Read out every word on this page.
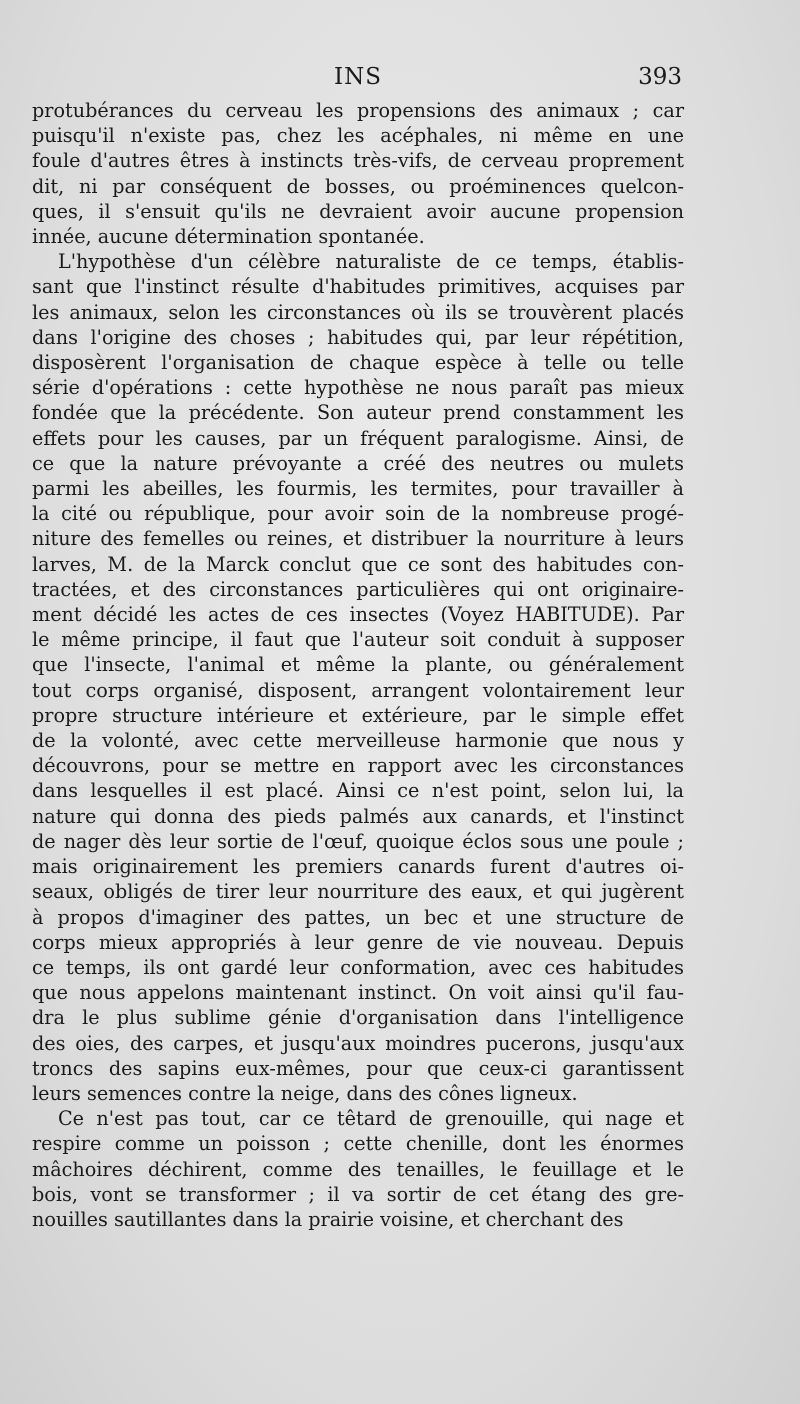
INS	393
protubérances du cerveau les propensions des animaux ; car
puisqu'il n'existe pas, chez les acéphales, ni même en une
foule d'autres êtres à instincts très-vifs, de cerveau proprement
dit, ni par conséquent de bosses, ou proéminences quelcon-
ques, il s'ensuit qu'ils ne devraient avoir aucune propension
innée, aucune détermination spontanée.
L'hypothèse d'un célèbre naturaliste de ce temps, établis-
sant que l'instinct résulte d'habitudes primitives, acquises par
les animaux, selon les circonstances où ils se trouvèrent placés
dans l'origine des choses ; habitudes qui, par leur répétition,
disposèrent l'organisation de chaque espèce à telle ou telle
série d'opérations : cette hypothèse ne nous paraît pas mieux
fondée que la précédente. Son auteur prend constamment les
effets pour les causes, par un fréquent paralogisme. Ainsi, de
ce que la nature prévoyante a créé des neutres ou mulets
parmi les abeilles, les fourmis, les termites, pour travailler à
la cité ou république, pour avoir soin de la nombreuse progé-
niture des femelles ou reines, et distribuer la nourriture à leurs
larves, M. de la Marck conclut que ce sont des habitudes con-
tractées, et des circonstances particulières qui ont originaire-
ment décidé les actes de ces insectes (Voyez HABITUDE). Par
le même principe, il faut que l'auteur soit conduit à supposer
que l'insecte, l'animal et même la plante, ou généralement
tout corps organisé, disposent, arrangent volontairement leur
propre structure intérieure et extérieure, par le simple effet
de la volonté, avec cette merveilleuse harmonie que nous y
découvrons, pour se mettre en rapport avec les circonstances
dans lesquelles il est placé. Ainsi ce n'est point, selon lui, la
nature qui donna des pieds palmés aux canards, et l'instinct
de nager dès leur sortie de l'œuf, quoique éclos sous une poule ;
mais originairement les premiers canards furent d'autres oi-
seaux, obligés de tirer leur nourriture des eaux, et qui jugèrent
à propos d'imaginer des pattes, un bec et une structure de
corps mieux appropriés à leur genre de vie nouveau. Depuis
ce temps, ils ont gardé leur conformation, avec ces habitudes
que nous appelons maintenant instinct. On voit ainsi qu'il fau-
dra le plus sublime génie d'organisation dans l'intelligence
des oies, des carpes, et jusqu'aux moindres pucerons, jusqu'aux
troncs des sapins eux-mêmes, pour que ceux-ci garantissent
leurs semences contre la neige, dans des cônes ligneux.
Ce n'est pas tout, car ce têtard de grenouille, qui nage et
respire comme un poisson ; cette chenille, dont les énormes
mâchoires déchirent, comme des tenailles, le feuillage et le
bois, vont se transformer ; il va sortir de cet étang des gre-
nouilles sautillantes dans la prairie voisine, et cherchant des
